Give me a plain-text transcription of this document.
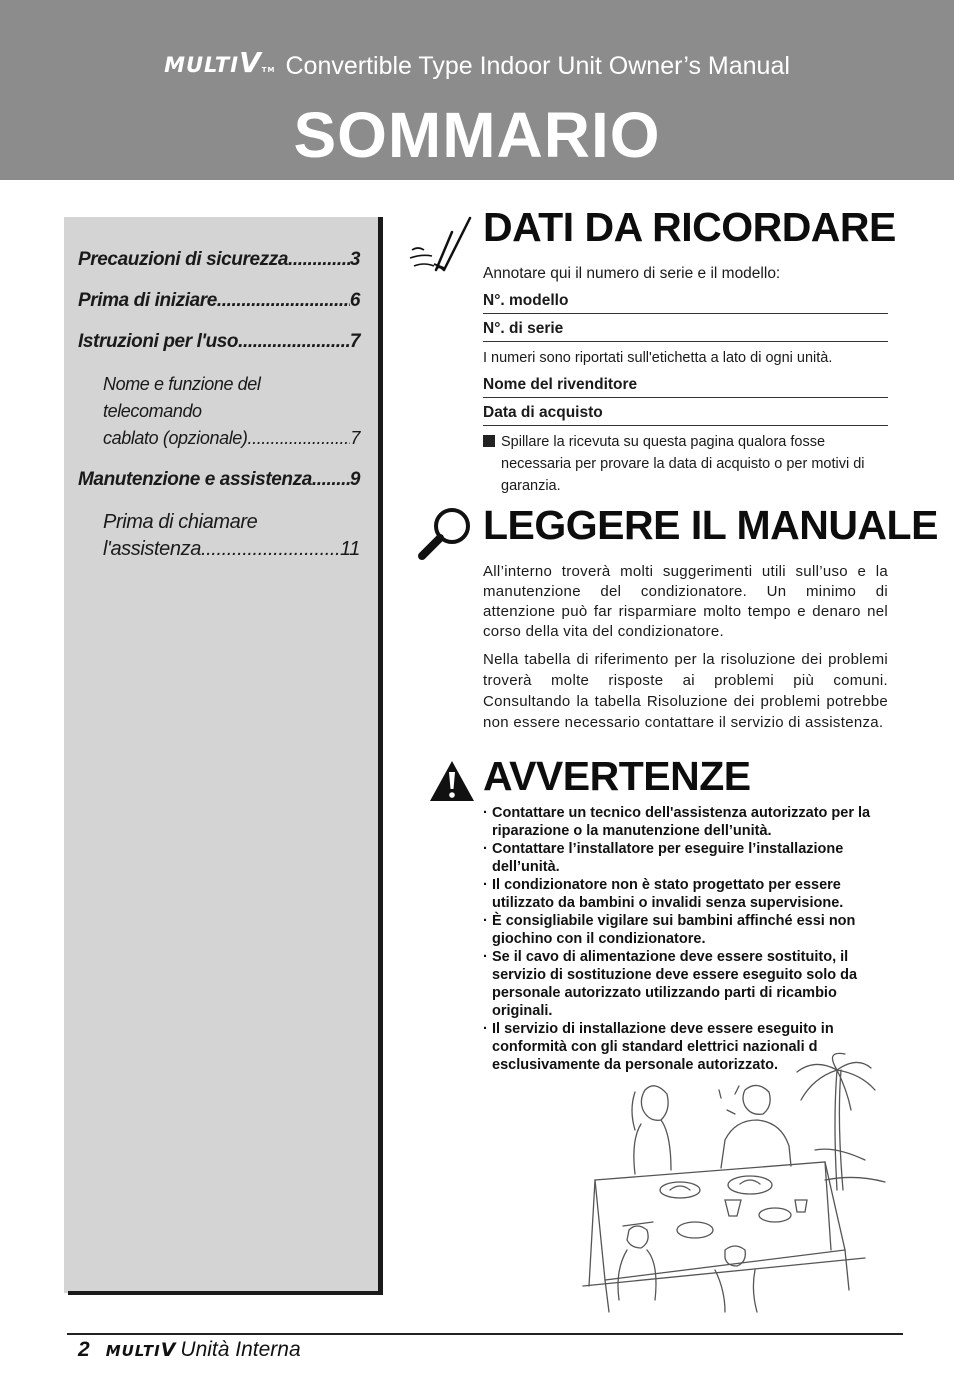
MULTIVTM Convertible Type Indoor Unit Owner’s Manual
SOMMARIO
Precauzioni di sicurezza .....	3
Prima di iniziare .....	6
Istruzioni per l'uso .....	7
Nome e funzione del telecomando
cablato (opzionale) .....	7
Manutenzione e assistenza ..... 9
Prima di chiamare
l'assistenza .....	11
DATI DA RICORDARE
Annotare qui il numero di serie e il modello:
N°. modello
N°. di serie
I numeri sono riportati sull'etichetta a lato di ogni unità.
Nome del rivenditore
Data di acquisto
Spillare la ricevuta su questa pagina qualora fosse necessaria per provare la data di acquisto o per motivi di garanzia.
LEGGERE IL MANUALE
All’interno troverà molti suggerimenti utili sull’uso e la manutenzione del condizionatore. Un minimo di attenzione può far risparmiare molto tempo e denaro nel corso della vita del condizionatore.
Nella tabella di riferimento per la risoluzione dei problemi troverà molte risposte ai problemi più comuni. Consultando la tabella Risoluzione dei problemi potrebbe non essere necessario contattare il servizio di assistenza.
AVVERTENZE
· Contattare un tecnico dell'assistenza autorizzato per la riparazione o la manutenzione dell’unità.
· Contattare l’installatore per eseguire l’installazione dell’unità.
· Il condizionatore non è stato progettato per essere utilizzato da bambini o invalidi senza supervisione.
· È consigliabile vigilare sui bambini affinché essi non giochino con il condizionatore.
· Se il cavo di alimentazione deve essere sostituito, il servizio di sostituzione deve essere eseguito solo da personale autorizzato utilizzando parti di ricambio originali.
· Il servizio di installazione deve essere eseguito in conformità con gli standard elettrici nazionali d esclusivamente da personale autorizzato.
2 MULTIV Unità Interna
